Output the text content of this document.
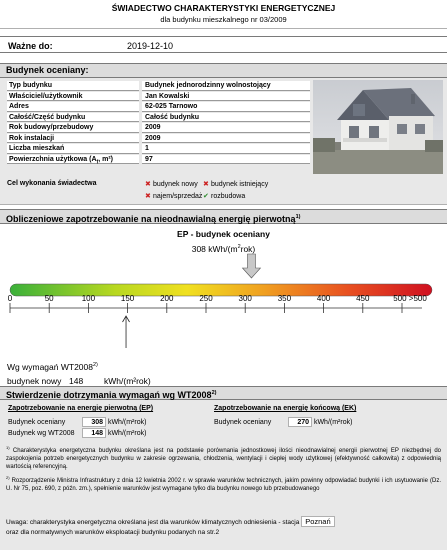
ŚWIADECTWO CHARAKTERYSTYKI ENERGETYCZNEJ
dla budynku mieszkalnego nr 03/2009
Ważne do:	2019-12-10
Budynek oceniany:
Typ budynku	Budynek jednorodzinny wolnostojący
Właściciel/użytkownik	Jan Kowalski
Adres	62-025 Tarnowo
Całość/Część budynku	Całość budynku
Rok budowy/przebudowy	2009
Rok instalacji	2009
Liczba mieszkań	1
Powierzchnia użytkowa ($A_f$, m²)	97
Cel wykonania świadectwa	✖ budynek nowy ✖ budynek istniejący
✖ najem/sprzedaż ✔ rozbudowa
Obliczeniowe zapotrzebowanie na nieodnawialną energię pierwotną$^{1)}$
EP - budynek oceniany
308 kWh/$(m^2rok)$
0	50	100	150	200	250	300	350	400	450	500 >500
Wg wymagań WT2008$^{2)}$
budynek nowy 148 kWh/(m²rok)
Stwierdzenie dotrzymania wymagań wg WT2008$^{2)}$
Zapotrzebowanie na energię pierwotną (EP)	Zapotrzebowanie na energię końcową (EK)
Budynek oceniany	308 kWh/(m²rok)
Budynek wg WT2008 148 kWh/(m²rok)
Budynek oceniany	270 kWh/(m²rok)

$^{1)}$ Charakterystyka energetyczna budynku określana jest na podstawie porównania jednostkowej ilości nieodnawialnej energii pierwotnej EP niezbędnej do zaspokojenia potrzeb energetycznych budynku w zakresie ogrzewania, chłodzenia, wentylacji i ciepłej wody użytkowej (efektywność całkowita) z odpowiednią wartością referencyjną.

$^{2)}$ Rozporządzenie Ministra Infrastruktury z dnia 12 kwietnia 2002 r. w sprawie warunków technicznych, jakim powinny odpowiadać budynki i ich usytuowanie (Dz. U. Nr 75, poz. 690, z późn. zm.), spełnienie warunków jest wymagane tylko dla budynku nowego lub przebudowanego

Uwaga: charakterystyka energetyczna określana jest dla warunków klimatycznych odniesienia - stacja Poznań
oraz dla normatywnych warunków eksploatacji budynku podanych na str.2
